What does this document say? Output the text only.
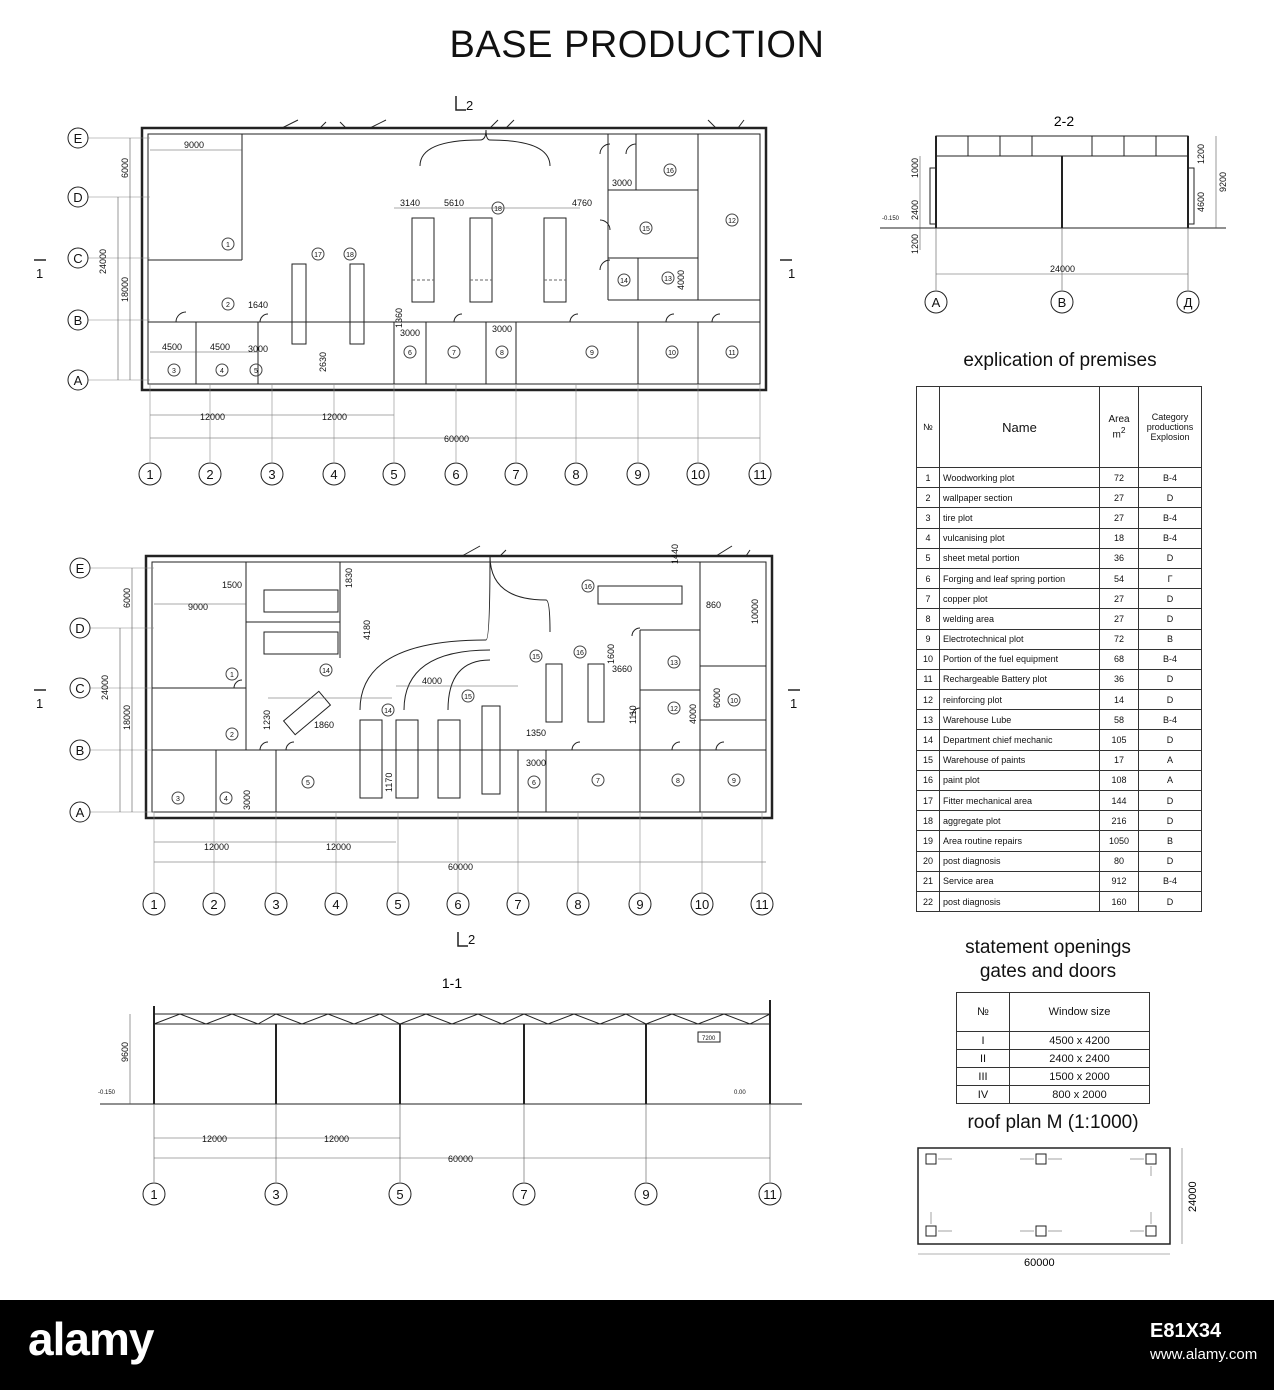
BASE PRODUCTION
E
D
C
B
A
1	2	3	4	5	6	7	8	9	10	11
2
1	1
9000
1640
4500	4500 3000
2630
3140	5610	4760
3000
1360
3000	3000
4000
12000	12000
60000
6000
24000
18000
1
2
3	4	5
6	7	8	9	10	11
12
13
14
15
16
17	18
18
E
D
C
B
A
1	2	3	4	5	6	7	8	9	10	11
2
1	1
1500	1830
9000
4180
4000
1860
1230
3000
1170
1350
3000
1600
3660
1110
860
1440
10000
6000
4000
12000	12000
60000
6000
24000
18000
1
2
3	4
5	6	7	8	9
10
12
13
14
14
15
15
16
16
1-1
9600
-0.150	0.00
7200
12000	12000
60000
1	3	5	7	9	11
2-2
-0.150
1000
2400
1200
1200
4600
9200
24000
A	B	Д
explication of premises
№	Name	Area $m^2$	Category productions Explosion
1	Woodworking plot	72	B-4
2	wallpaper section	27	D
3	tire plot	27	B-4
4	vulcanising plot	18	B-4
5	sheet metal portion	36	D
6	Forging and leaf spring portion	54	Г
7	copper plot	27	D
8	welding area	27	D
9	Electrotechnical plot	72	B
10	Portion of the fuel equipment	68	B-4
11	Rechargeable Battery plot	36	D
12	reinforcing plot	14	D
13	Warehouse Lube	58	B-4
14	Department chief mechanic	105	D
15	Warehouse of paints	17	A
16	paint plot	108	A
17	Fitter mechanical area	144	D
18	aggregate plot	216	D
19	Area routine repairs	1050	B
20	post diagnosis	80	D
21	Service area	912	B-4
22	post diagnosis	160	D
statement openings
gates and doors
№	Window size
I	4500 x 4200
II	2400 x 2400
III	1500 x 2000
IV	800 x 2000
roof plan M (1:1000)
60000
24000
alamy	E81X34
www.alamy.com
